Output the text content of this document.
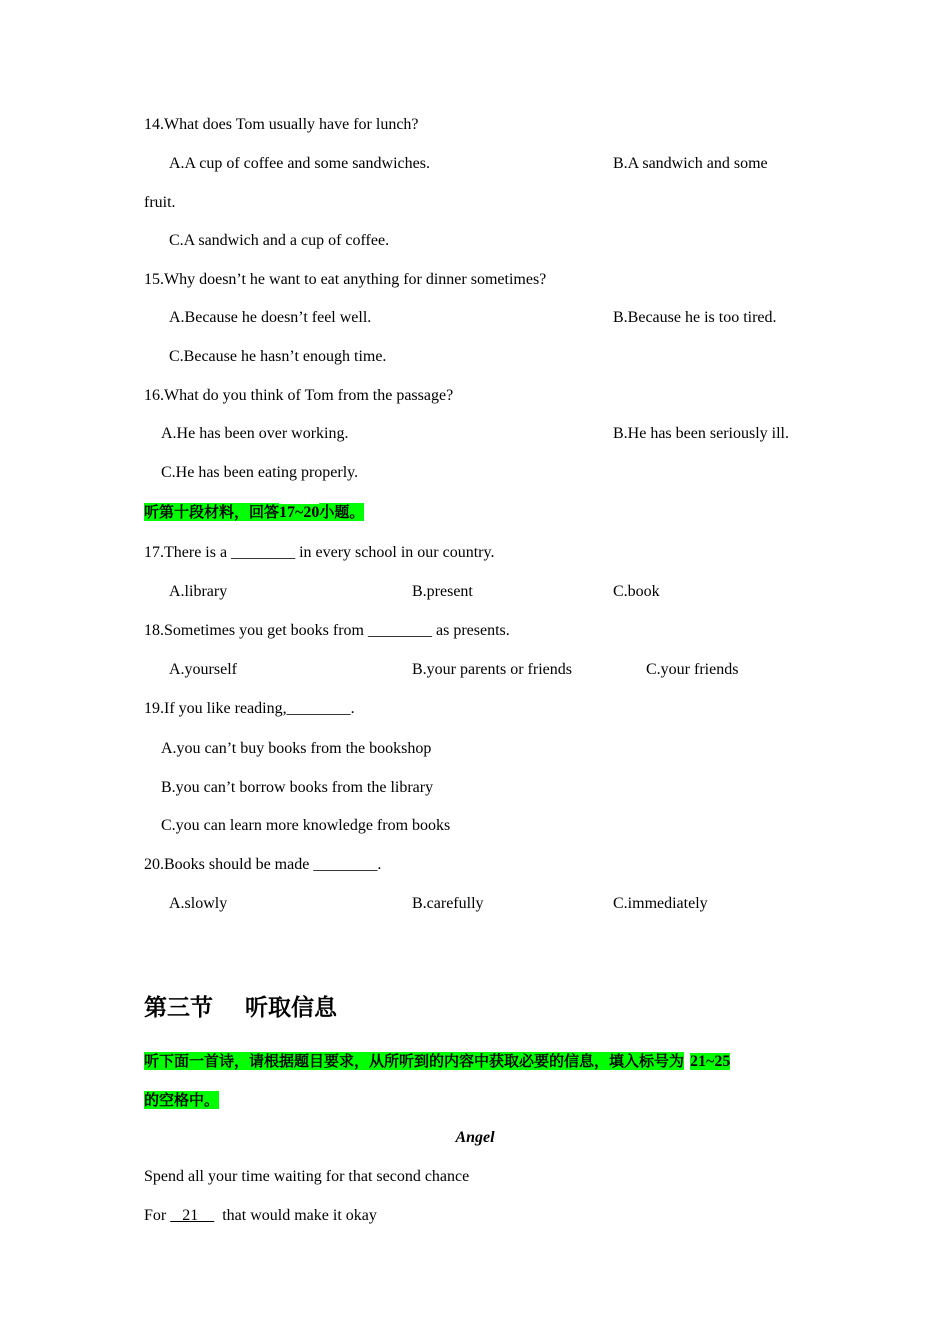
14.What does Tom usually have for lunch?
A.A cup of coffee and some sandwiches.	B.A sandwich and some
fruit.
C.A sandwich and a cup of coffee.
15.Why doesn’t he want to eat anything for dinner sometimes?
A.Because he doesn’t feel well.	B.Because he is too tired.
C.Because he hasn’t enough time.
16.What do you think of Tom from the passage?
A.He has been over working.	B.He has been seriously ill.
C.He has been eating properly.
听第十段材料，回答17~20小题。
17.There is a ________ in every school in our country.
A.library	B.present	C.book
18.Sometimes you get books from ________ as presents.
A.yourself	B.your parents or friends	C.your friends
19.If you like reading,________.
A.you can’t buy books from the bookshop
B.you can’t borrow books from the library
C.you can learn more knowledge from books
20.Books should be made ________.
A.slowly	B.carefully	C.immediately
第三节    听取信息
听下面一首诗，请根据题目要求，从所听到的内容中获取必要的信息，填入标号为 21~25
的空格中。
Angel
Spend all your time waiting for that second chance
For    21      that would make it okay
